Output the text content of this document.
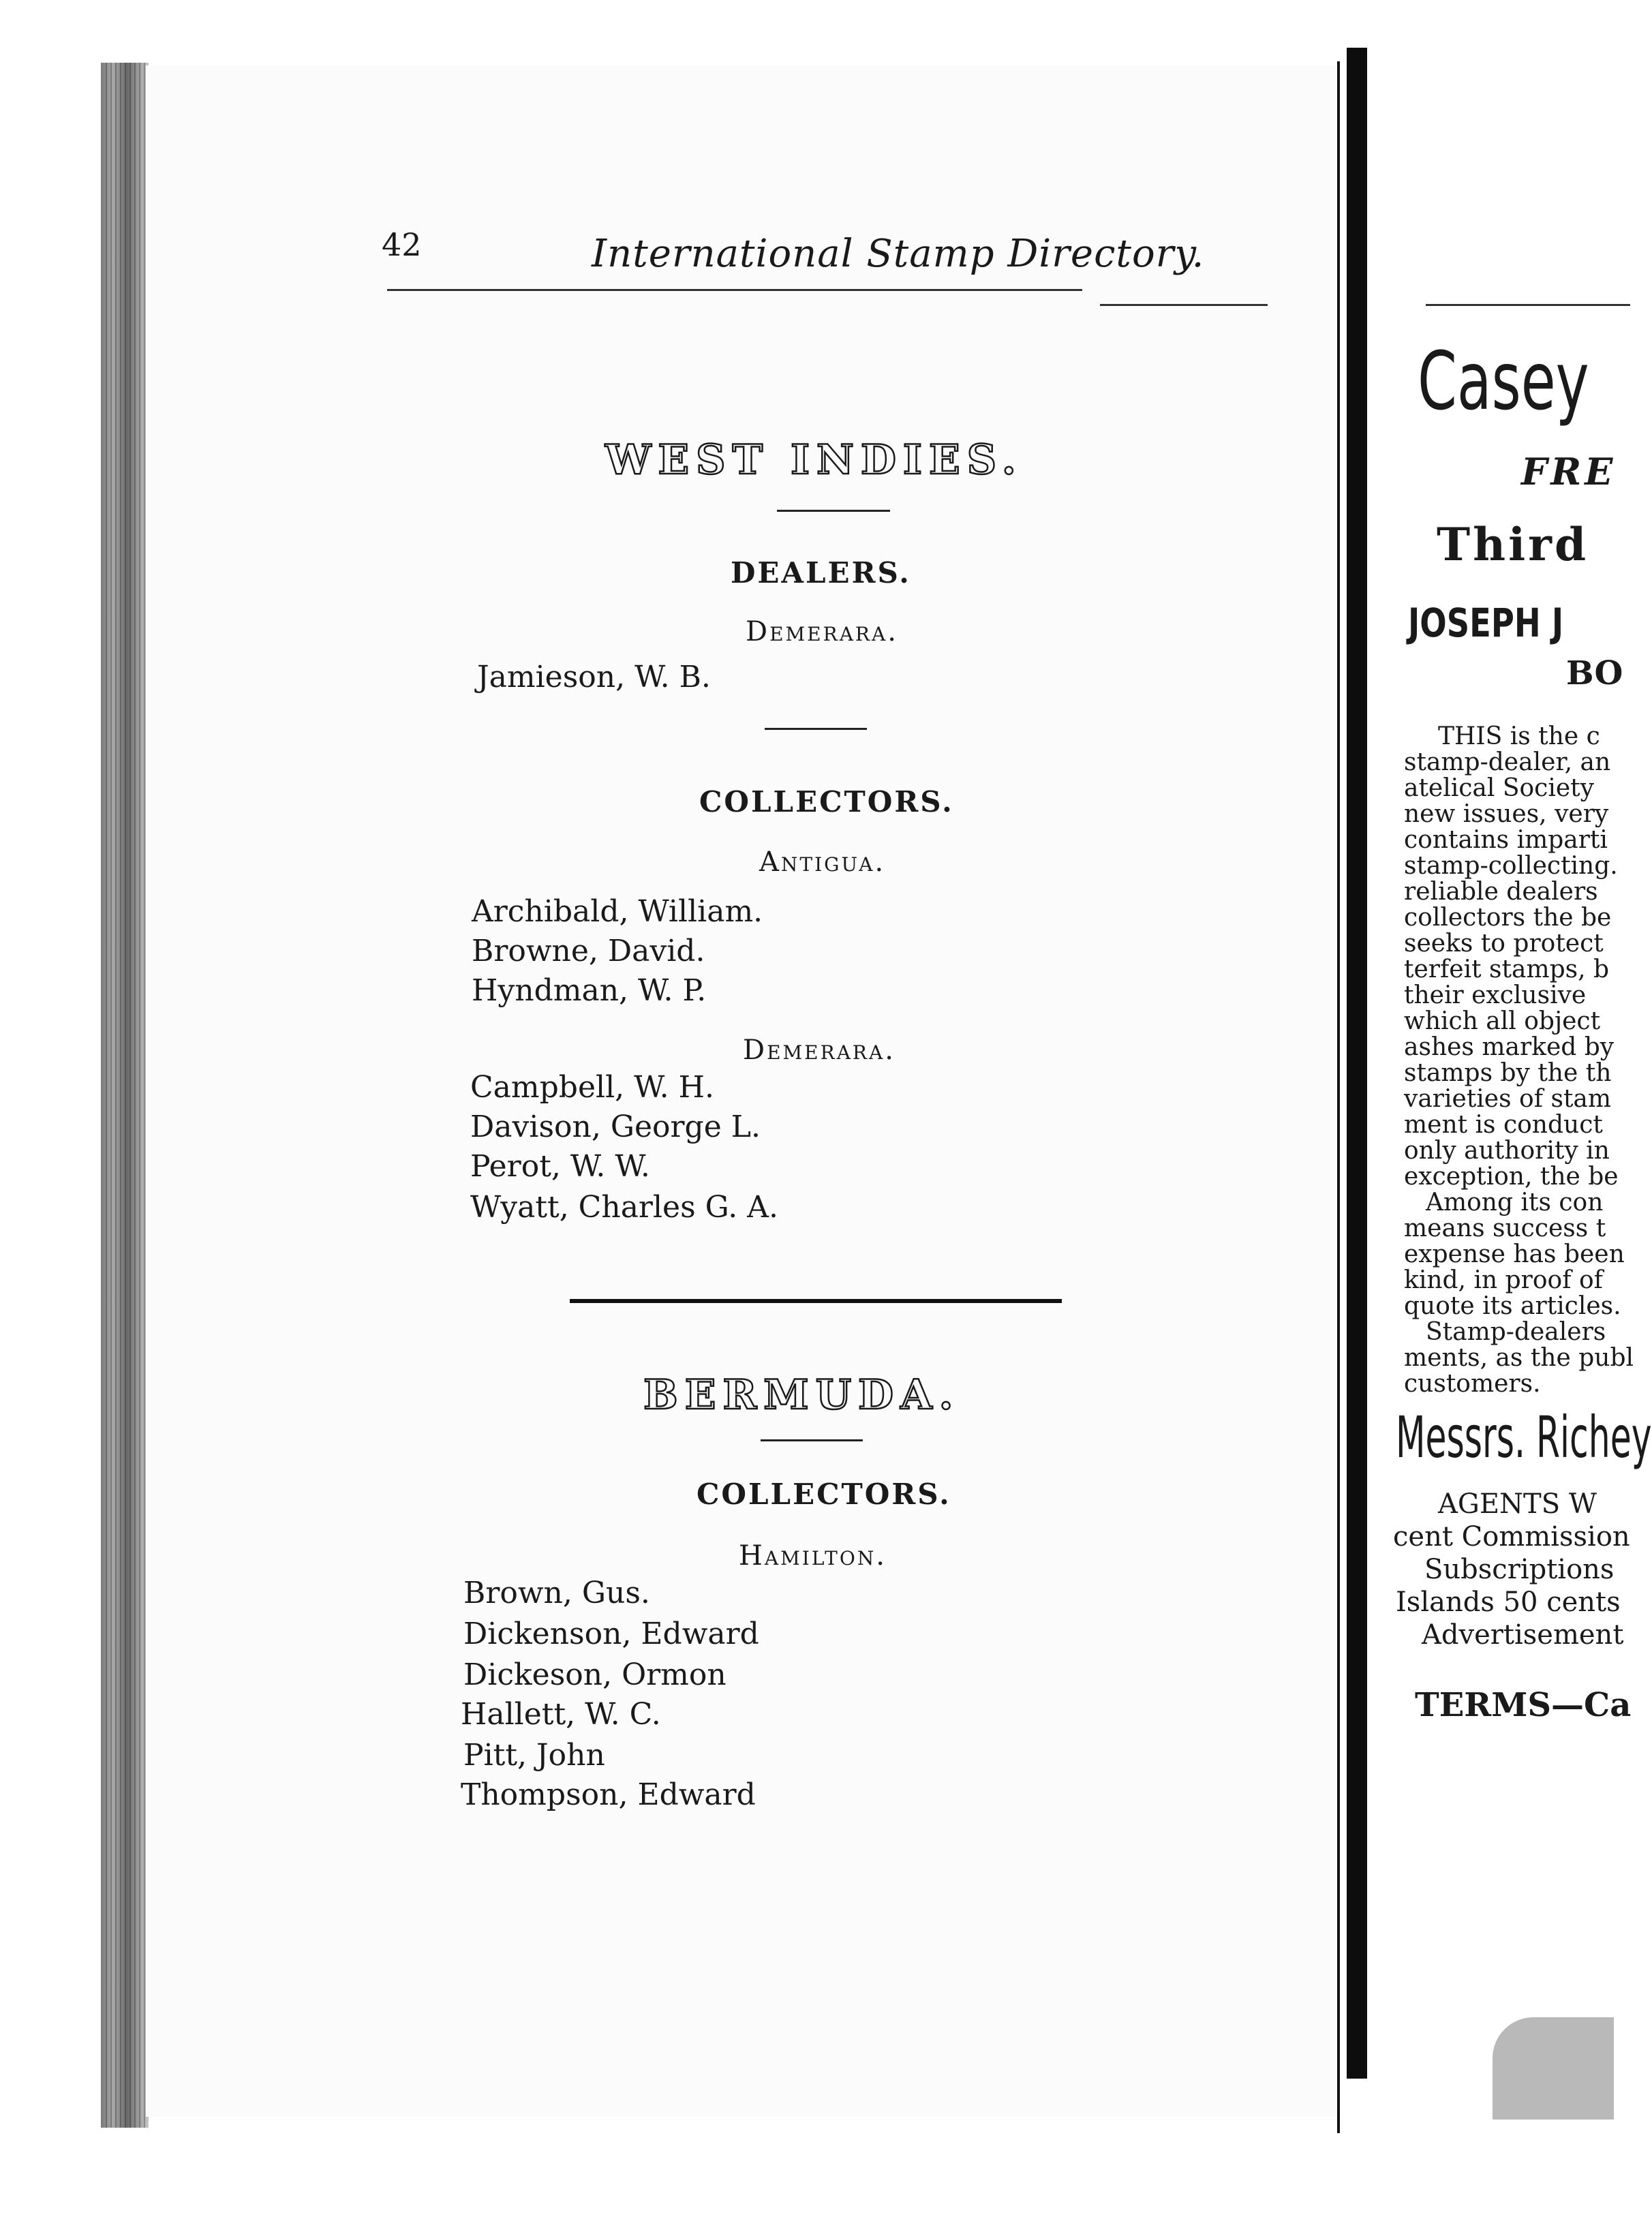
42	International Stamp Directory.
WEST INDIES.
DEALERS.
Demerara.
Jamieson, W. B.
COLLECTORS.
Antigua.
Archibald, William.
Browne, David.
Hyndman, W. P.
Demerara.
Campbell, W. H.
Davison, George L.
Perot, W. W.
Wyatt, Charles G. A.
BERMUDA.
COLLECTORS.
Hamilton.
Brown, Gus.
Dickenson, Edward
Dickeson, Ormon
Hallett, W. C.
Pitt, John
Thompson, Edward
Casey
FRE
Third
JOSEPH J
BO
THIS is the c
stamp-dealer, an
atelical Society
new issues, very
contains imparti
stamp-collecting.
reliable dealers
collectors the be
seeks to protect
terfeit stamps, b
their exclusive
which all object
ashes marked by
stamps by the th
varieties of stam
ment is conduct
only authority in
exception, the be
Among its con
means success t
expense has been
kind, in proof of
quote its articles.
Stamp-dealers
ments, as the publ
customers.
Messrs. Richey
AGENTS W
cent Commission
Subscriptions
Islands 50 cents
Advertisement
TERMS—Ca
